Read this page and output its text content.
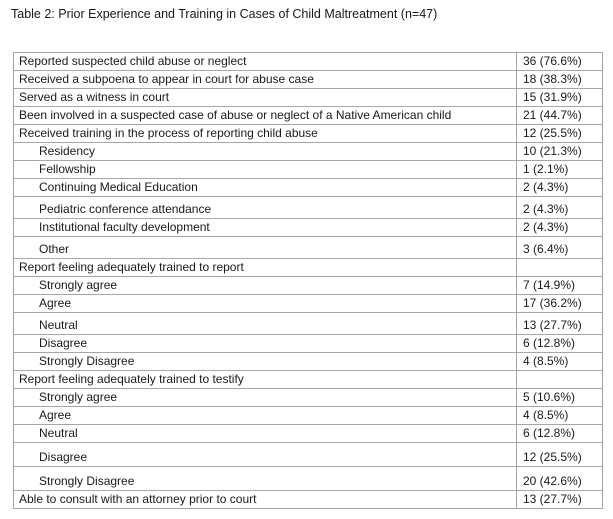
Table 2: Prior Experience and Training in Cases of Child Maltreatment (n=47)
Reported suspected child abuse or neglect	36 (76.6%)
Received a subpoena to appear in court for abuse case	18 (38.3%)
Served as a witness in court	15 (31.9%)
Been involved in a suspected case of abuse or neglect of a Native American child	21 (44.7%)
Received training in the process of reporting child abuse	12 (25.5%)
Residency	10 (21.3%)
Fellowship	1 (2.1%)
Continuing Medical Education	2 (4.3%)
Pediatric conference attendance	2 (4.3%)
Institutional faculty development	2 (4.3%)
Other	3 (6.4%)
Report feeling adequately trained to report	
Strongly agree	7 (14.9%)
Agree	17 (36.2%)
Neutral	13 (27.7%)
Disagree	6 (12.8%)
Strongly Disagree	4 (8.5%)
Report feeling adequately trained to testify	
Strongly agree	5 (10.6%)
Agree	4 (8.5%)
Neutral	6 (12.8%)
Disagree	12 (25.5%)
Strongly Disagree	20 (42.6%)
Able to consult with an attorney prior to court	13 (27.7%)
